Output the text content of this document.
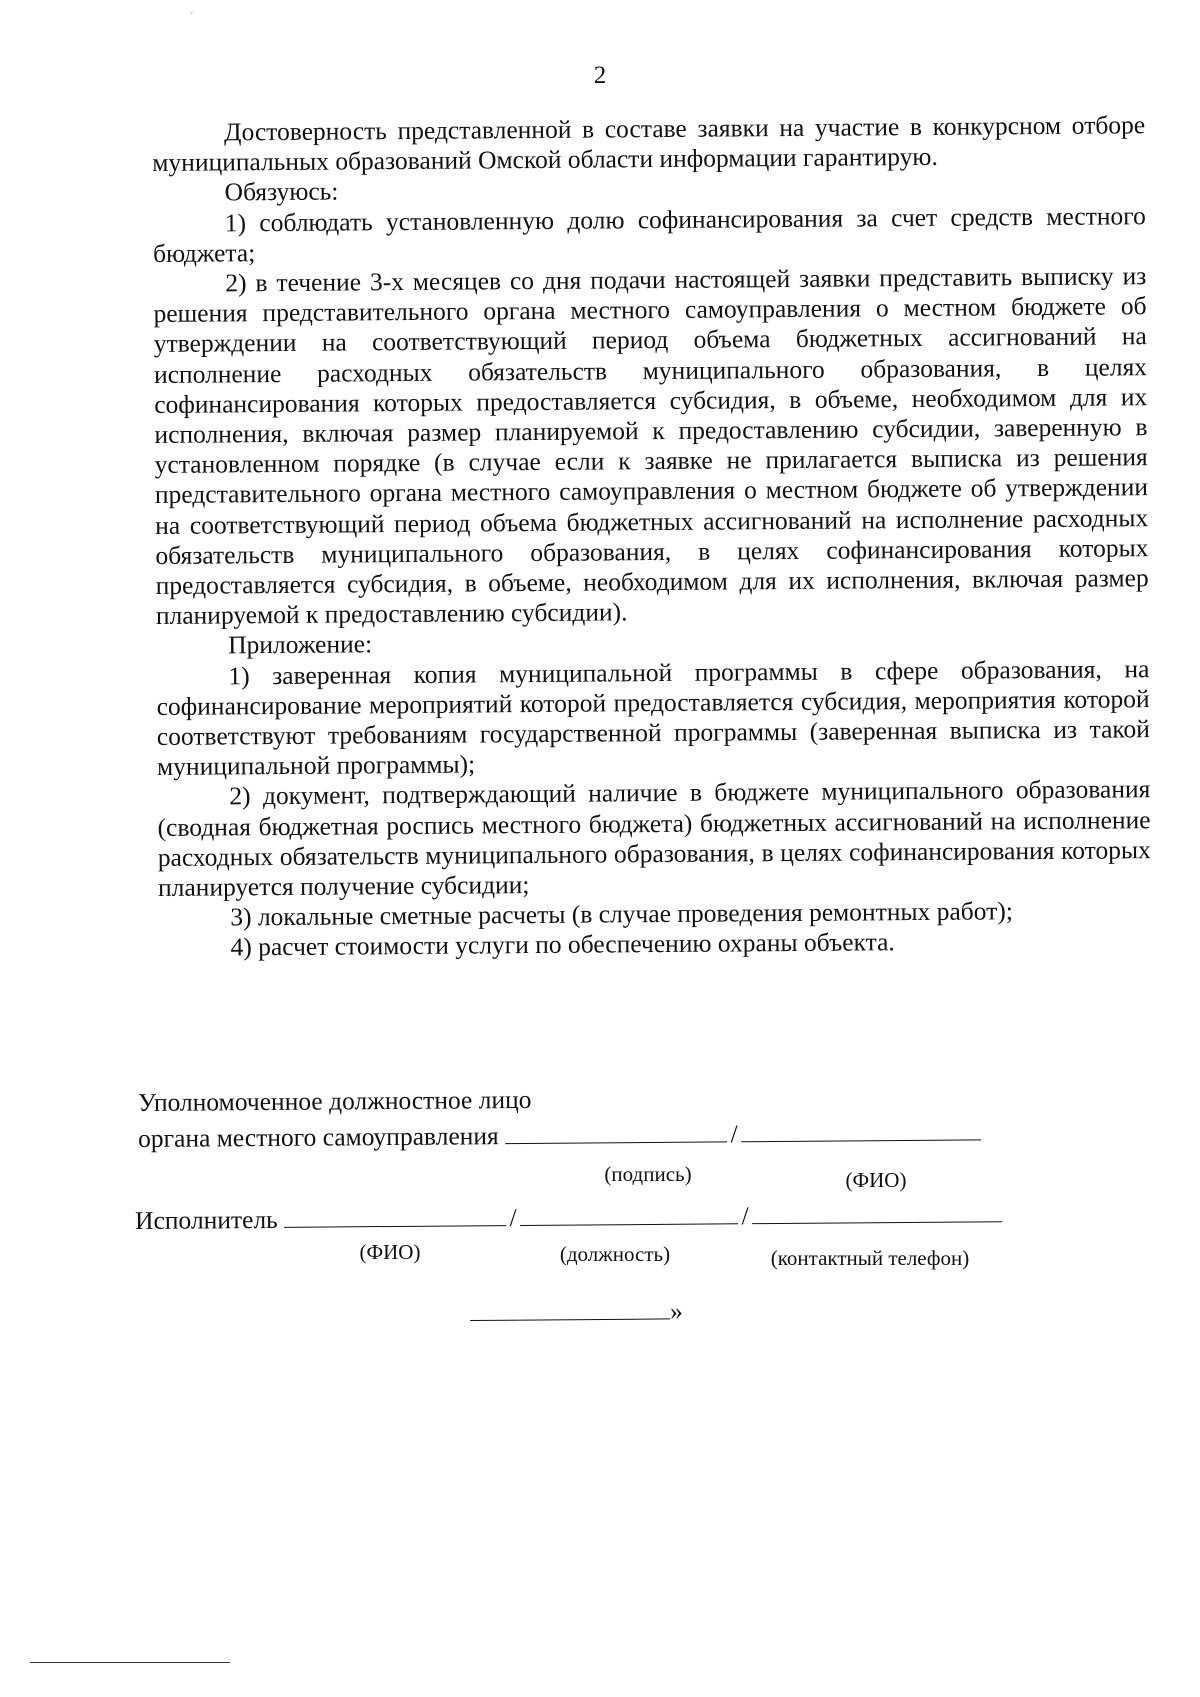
´
2

Достоверность представленной в составе заявки на участие в конкурсном отборе муниципальных образований Омской области информации гарантирую.

Обязуюсь:

1) соблюдать установленную долю софинансирования за счет средств местного бюджета;

2) в течение 3-х месяцев со дня подачи настоящей заявки представить выписку из решения представительного органа местного самоуправления о местном бюджете об утверждении на соответствующий период объема бюджетных ассигнований на исполнение расходных обязательств муниципального образования, в целях софинансирования которых предоставляется субсидия, в объеме, необходимом для их исполнения, включая размер планируемой к предоставлению субсидии, заверенную в установленном порядке (в случае если к заявке не прилагается выписка из решения представительного органа местного самоуправления о местном бюджете об утверждении на соответствующий период объема бюджетных ассигнований на исполнение расходных обязательств муниципального образования, в целях софинансирования которых предоставляется субсидия, в объеме, необходимом для их исполнения, включая размер планируемой к предоставлению субсидии).

Приложение:

1) заверенная копия муниципальной программы в сфере образования, на софинансирование мероприятий которой предоставляется субсидия, мероприятия которой соответствуют требованиям государственной программы (заверенная выписка из такой муниципальной программы);

2) документ, подтверждающий наличие в бюджете муниципального образования (сводная бюджетная роспись местного бюджета) бюджетных ассигнований на исполнение расходных обязательств муниципального образования, в целях софинансирования которых планируется получение субсидии;

3) локальные сметные расчеты (в случае проведения ремонтных работ);

4) расчет стоимости услуги по обеспечению охраны объекта.

Уполномоченное должностное лицо
органа местного самоуправления	/
(подпись)	(ФИО)
Исполнитель	/	/
(ФИО)	(должность)	(контактный телефон)
»
